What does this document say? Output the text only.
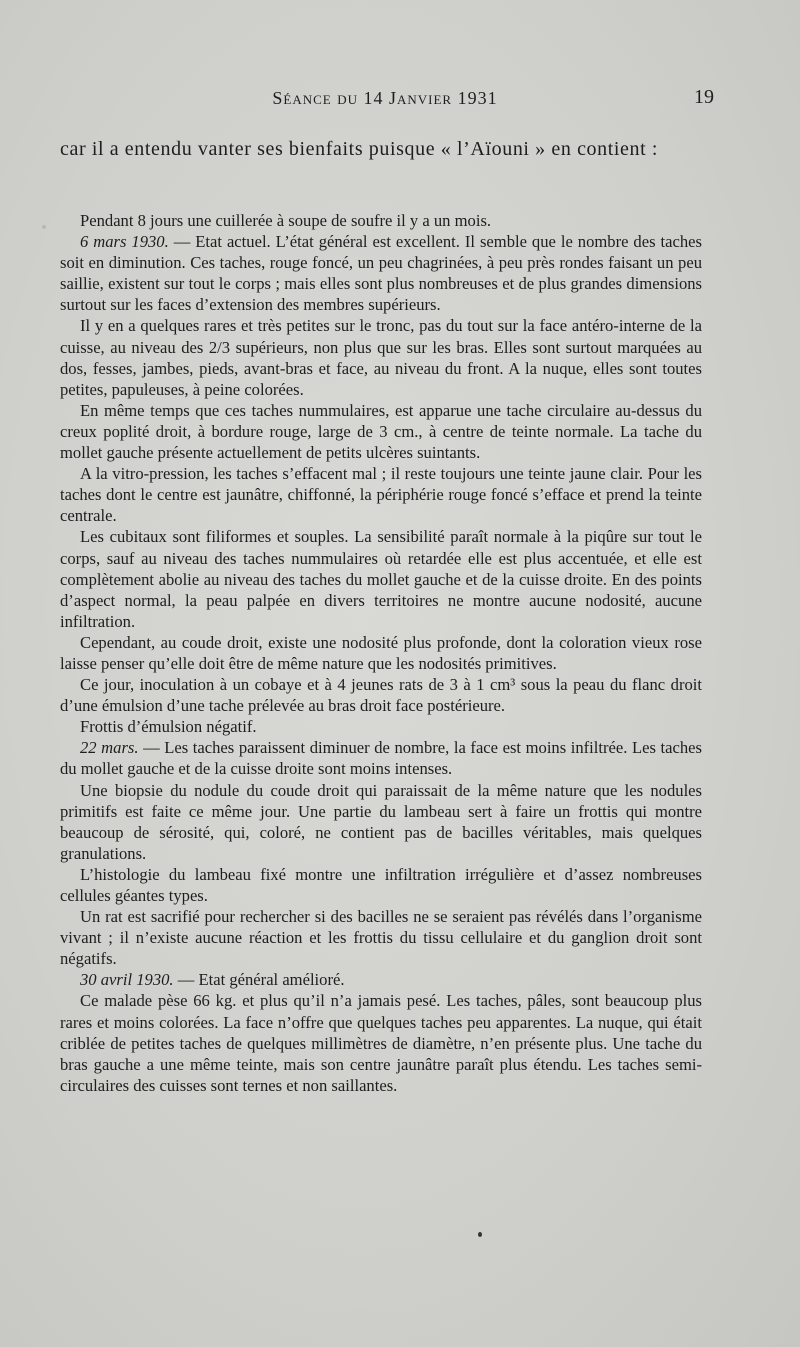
Séance du 14 Janvier 1931	19
car il a entendu vanter ses bienfaits puisque « l’Aïouni » en contient :

Pendant 8 jours une cuillerée à soupe de soufre il y a un mois.

6 mars 1930. — Etat actuel. L’état général est excellent. Il semble que le nombre des taches soit en diminution. Ces taches, rouge foncé, un peu chagrinées, à peu près rondes faisant un peu saillie, existent sur tout le corps ; mais elles sont plus nombreuses et de plus grandes dimensions surtout sur les faces d’extension des membres supérieurs.

Il y en a quelques rares et très petites sur le tronc, pas du tout sur la face antéro-interne de la cuisse, au niveau des 2/3 supérieurs, non plus que sur les bras. Elles sont surtout marquées au dos, fesses, jambes, pieds, avant-bras et face, au niveau du front. A la nuque, elles sont toutes petites, papuleuses, à peine colorées.

En même temps que ces taches nummulaires, est apparue une tache circulaire au-dessus du creux poplité droit, à bordure rouge, large de 3 cm., à centre de teinte normale. La tache du mollet gauche présente actuellement de petits ulcères suintants.

A la vitro-pression, les taches s’effacent mal ; il reste toujours une teinte jaune clair. Pour les taches dont le centre est jaunâtre, chiffonné, la périphérie rouge foncé s’efface et prend la teinte centrale.

Les cubitaux sont filiformes et souples. La sensibilité paraît normale à la piqûre sur tout le corps, sauf au niveau des taches nummulaires où retardée elle est plus accentuée, et elle est complètement abolie au niveau des taches du mollet gauche et de la cuisse droite. En des points d’aspect normal, la peau palpée en divers territoires ne montre aucune nodosité, aucune infiltration.

Cependant, au coude droit, existe une nodosité plus profonde, dont la coloration vieux rose laisse penser qu’elle doit être de même nature que les nodosités primitives.

Ce jour, inoculation à un cobaye et à 4 jeunes rats de 3 à 1 cm³ sous la peau du flanc droit d’une émulsion d’une tache prélevée au bras droit face postérieure.

Frottis d’émulsion négatif.

22 mars. — Les taches paraissent diminuer de nombre, la face est moins infiltrée. Les taches du mollet gauche et de la cuisse droite sont moins intenses.

Une biopsie du nodule du coude droit qui paraissait de la même nature que les nodules primitifs est faite ce même jour. Une partie du lambeau sert à faire un frottis qui montre beaucoup de sérosité, qui, coloré, ne contient pas de bacilles véritables, mais quelques granulations.

L’histologie du lambeau fixé montre une infiltration irrégulière et d’assez nombreuses cellules géantes types.

Un rat est sacrifié pour rechercher si des bacilles ne se seraient pas révélés dans l’organisme vivant ; il n’existe aucune réaction et les frottis du tissu cellulaire et du ganglion droit sont négatifs.

30 avril 1930. — Etat général amélioré.

Ce malade pèse 66 kg. et plus qu’il n’a jamais pesé. Les taches, pâles, sont beaucoup plus rares et moins colorées. La face n’offre que quelques taches peu apparentes. La nuque, qui était criblée de petites taches de quelques millimètres de diamètre, n’en présente plus. Une tache du bras gauche a une même teinte, mais son centre jaunâtre paraît plus étendu. Les taches semi-circulaires des cuisses sont ternes et non saillantes.
